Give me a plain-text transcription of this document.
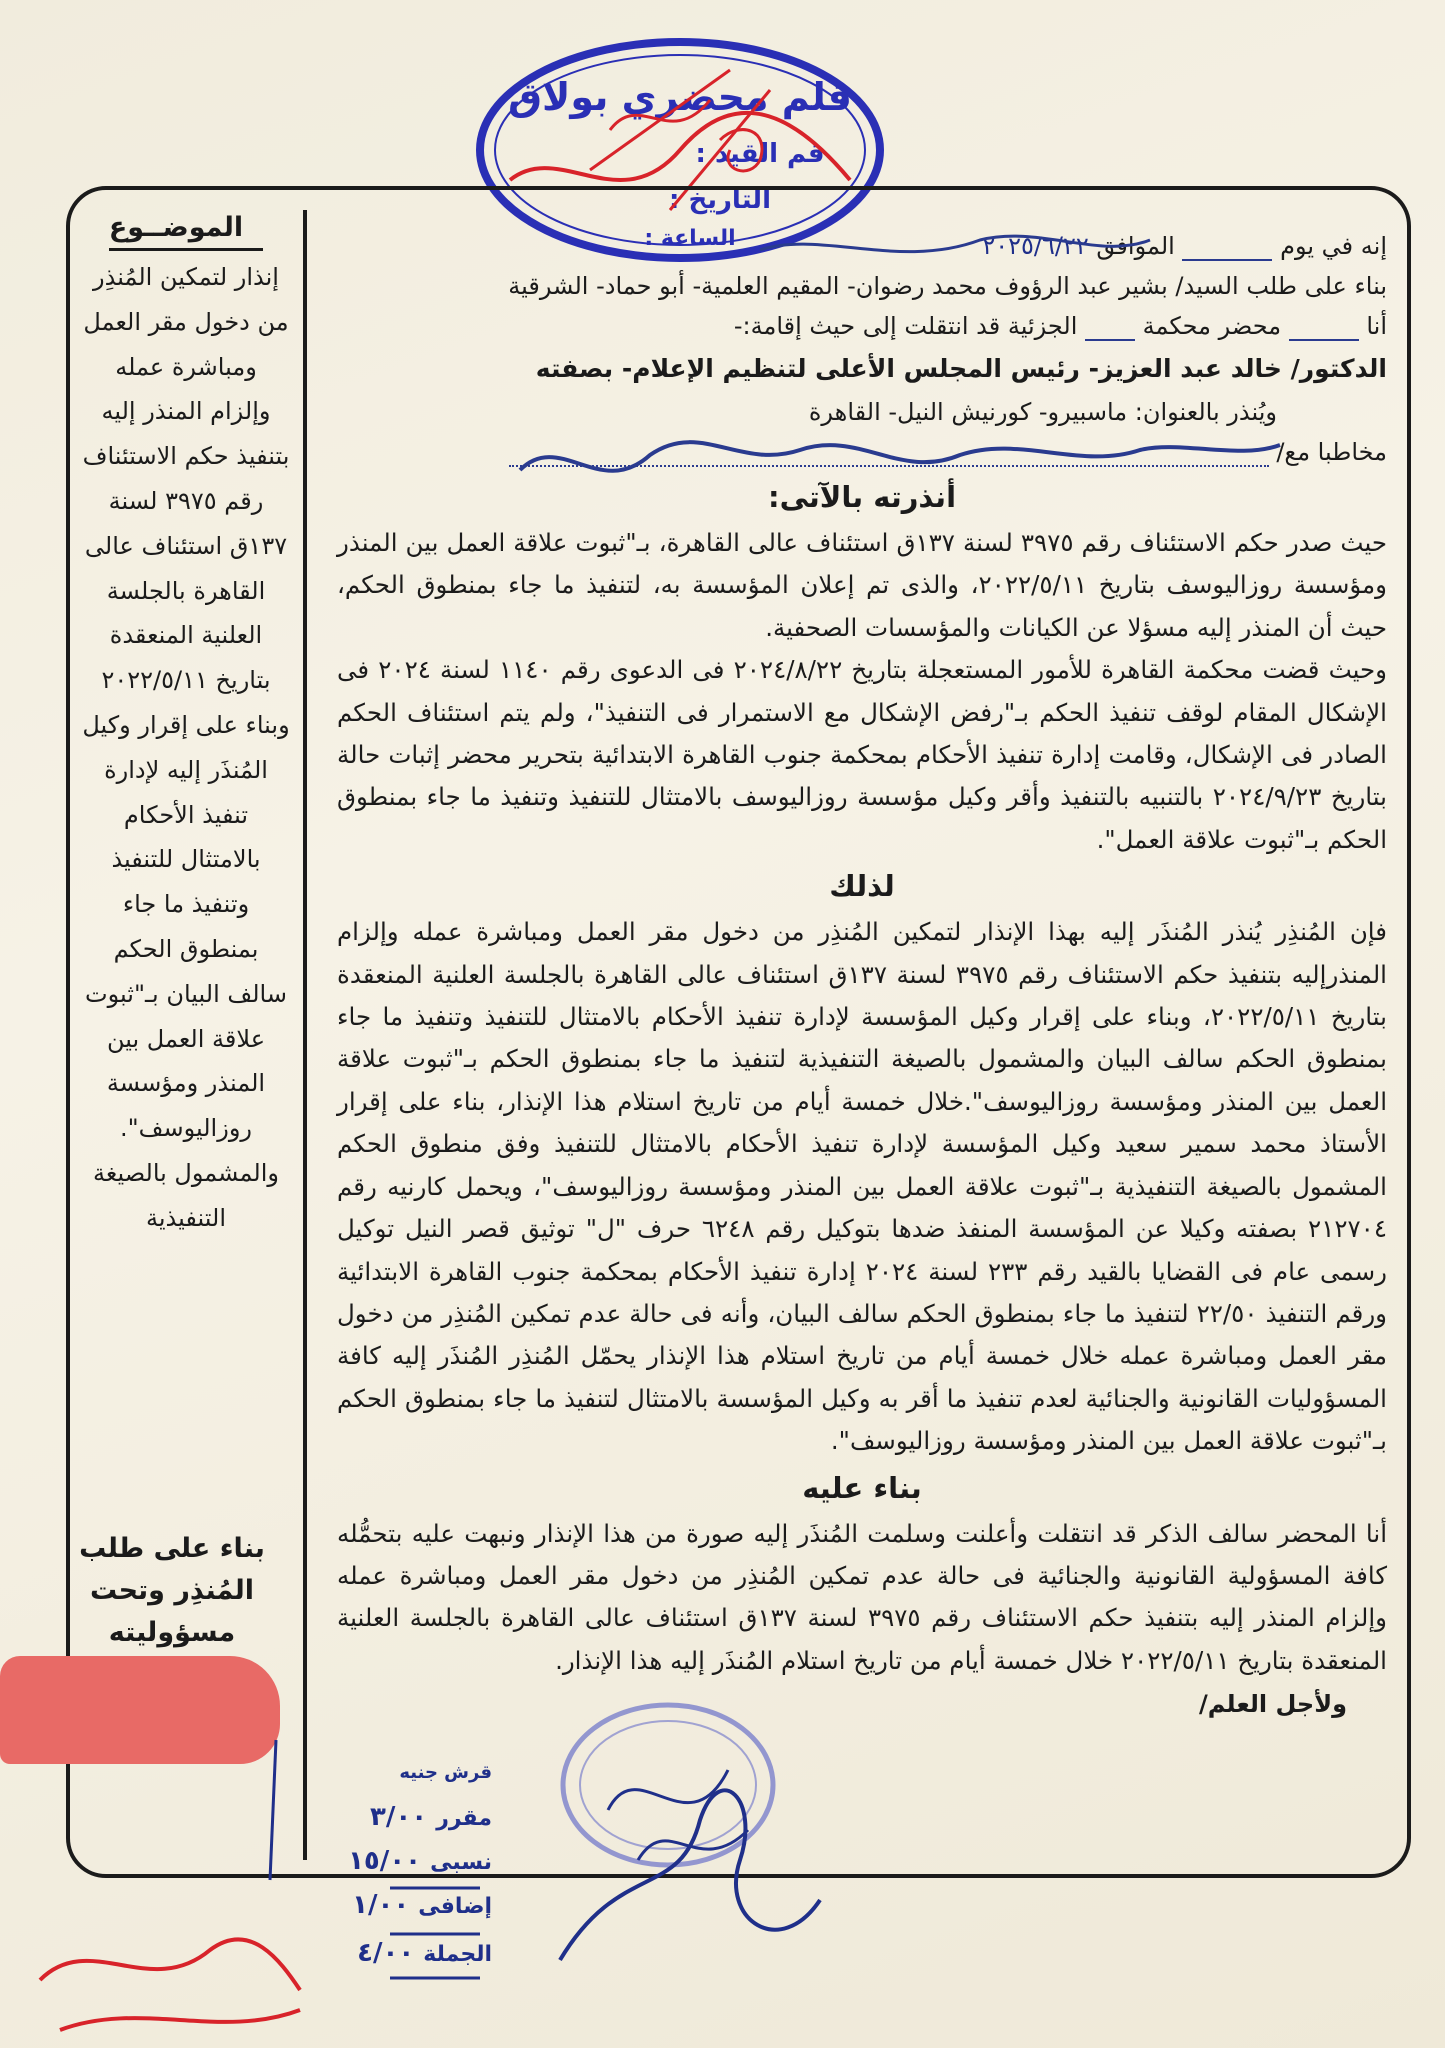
قلم محضري بولاق
قم القيد :
التاريخ :
الساعة :
الموضــوع

إنذار لتمكين المُنذِر من دخول مقر العمل ومباشرة عمله وإلزام المنذر إليه بتنفيذ حكم الاستئناف رقم ٣٩٧٥ لسنة ١٣٧ق استئناف عالى القاهرة بالجلسة العلنية المنعقدة بتاريخ ٢٠٢٢/٥/١١ وبناء على إقرار وكيل المُنذَر إليه لإدارة تنفيذ الأحكام بالامتثال للتنفيذ وتنفيذ ما جاء بمنطوق الحكم سالف البيان بـ"ثبوت علاقة العمل بين المنذر ومؤسسة روزاليوسف". والمشمول بالصيغة التنفيذية

بناء على طلب
المُنذِر وتحت
مسؤوليته

إنه في يوم  الموافق ٢٠٢٥/٦/٢٢

بناء على طلب السيد/ بشير عبد الرؤوف محمد رضوان- المقيم العلمية- أبو حماد- الشرقية

أنا  محضر محكمة  الجزئية قد انتقلت إلى حيث إقامة:-

الدكتور/ خالد عبد العزيز- رئيس المجلس الأعلى لتنظيم الإعلام- بصفته

ويُنذر بالعنوان: ماسبيرو- كورنيش النيل- القاهرة

مخاطبا مع/

أنذرته بالآتى:

حيث صدر حكم الاستئناف رقم ٣٩٧٥ لسنة ١٣٧ق استئناف عالى القاهرة، بـ"ثبوت علاقة العمل بين المنذر ومؤسسة روزاليوسف بتاريخ ٢٠٢٢/٥/١١، والذى تم إعلان المؤسسة به، لتنفيذ ما جاء بمنطوق الحكم، حيث أن المنذر إليه مسؤلا عن الكيانات والمؤسسات الصحفية.

وحيث قضت محكمة القاهرة للأمور المستعجلة بتاريخ ٢٠٢٤/٨/٢٢ فى الدعوى رقم ١١٤٠ لسنة ٢٠٢٤ فى الإشكال المقام لوقف تنفيذ الحكم بـ"رفض الإشكال مع الاستمرار فى التنفيذ"، ولم يتم استئناف الحكم الصادر فى الإشكال، وقامت إدارة تنفيذ الأحكام بمحكمة جنوب القاهرة الابتدائية بتحرير محضر إثبات حالة بتاريخ ٢٠٢٤/٩/٢٣ بالتنبيه بالتنفيذ وأقر وكيل مؤسسة روزاليوسف بالامتثال للتنفيذ وتنفيذ ما جاء بمنطوق الحكم بـ"ثبوت علاقة العمل".

لذلك

فإن المُنذِر يُنذر المُنذَر إليه بهذا الإنذار لتمكين المُنذِر من دخول مقر العمل ومباشرة عمله وإلزام المنذرإليه بتنفيذ حكم الاستئناف رقم ٣٩٧٥ لسنة ١٣٧ق استئناف عالى القاهرة بالجلسة العلنية المنعقدة بتاريخ ٢٠٢٢/٥/١١، وبناء على إقرار وكيل المؤسسة لإدارة تنفيذ الأحكام بالامتثال للتنفيذ وتنفيذ ما جاء بمنطوق الحكم سالف البيان والمشمول بالصيغة التنفيذية لتنفيذ ما جاء بمنطوق الحكم بـ"ثبوت علاقة العمل بين المنذر ومؤسسة روزاليوسف".خلال خمسة أيام من تاريخ استلام هذا الإنذار، بناء على إقرار الأستاذ محمد سمير سعيد وكيل المؤسسة لإدارة تنفيذ الأحكام بالامتثال للتنفيذ وفق منطوق الحكم المشمول بالصيغة التنفيذية بـ"ثبوت علاقة العمل بين المنذر ومؤسسة روزاليوسف"، ويحمل كارنيه رقم ٢١٢٧٠٤ بصفته وكيلا عن المؤسسة المنفذ ضدها بتوكيل رقم ٦٢٤٨ حرف "ل" توثيق قصر النيل توكيل رسمى عام فى القضايا بالقيد رقم ٢٣٣ لسنة ٢٠٢٤ إدارة تنفيذ الأحكام بمحكمة جنوب القاهرة الابتدائية ورقم التنفيذ ٢٢/٥٠ لتنفيذ ما جاء بمنطوق الحكم سالف البيان، وأنه فى حالة عدم تمكين المُنذِر من دخول مقر العمل ومباشرة عمله خلال خمسة أيام من تاريخ استلام هذا الإنذار يحمّل المُنذِر المُنذَر إليه كافة المسؤوليات القانونية والجنائية لعدم تنفيذ ما أقر به وكيل المؤسسة بالامتثال لتنفيذ ما جاء بمنطوق الحكم بـ"ثبوت علاقة العمل بين المنذر ومؤسسة روزاليوسف".

بناء عليه

أنا المحضر سالف الذكر قد انتقلت وأعلنت وسلمت المُنذَر إليه صورة من هذا الإنذار ونبهت عليه بتحمُّله كافة المسؤولية القانونية والجنائية فى حالة عدم تمكين المُنذِر من دخول مقر العمل ومباشرة عمله وإلزام المنذر إليه بتنفيذ حكم الاستئناف رقم ٣٩٧٥ لسنة ١٣٧ق استئناف عالى القاهرة بالجلسة العلنية المنعقدة بتاريخ ٢٠٢٢/٥/١١ خلال خمسة أيام من تاريخ استلام المُنذَر إليه هذا الإنذار.

ولأجل العلم/

قرش جنيه
مقرر ٣/٠٠
نسبى ١٥/٠٠
إضافى ١/٠٠
الجملة ٤/٠٠
